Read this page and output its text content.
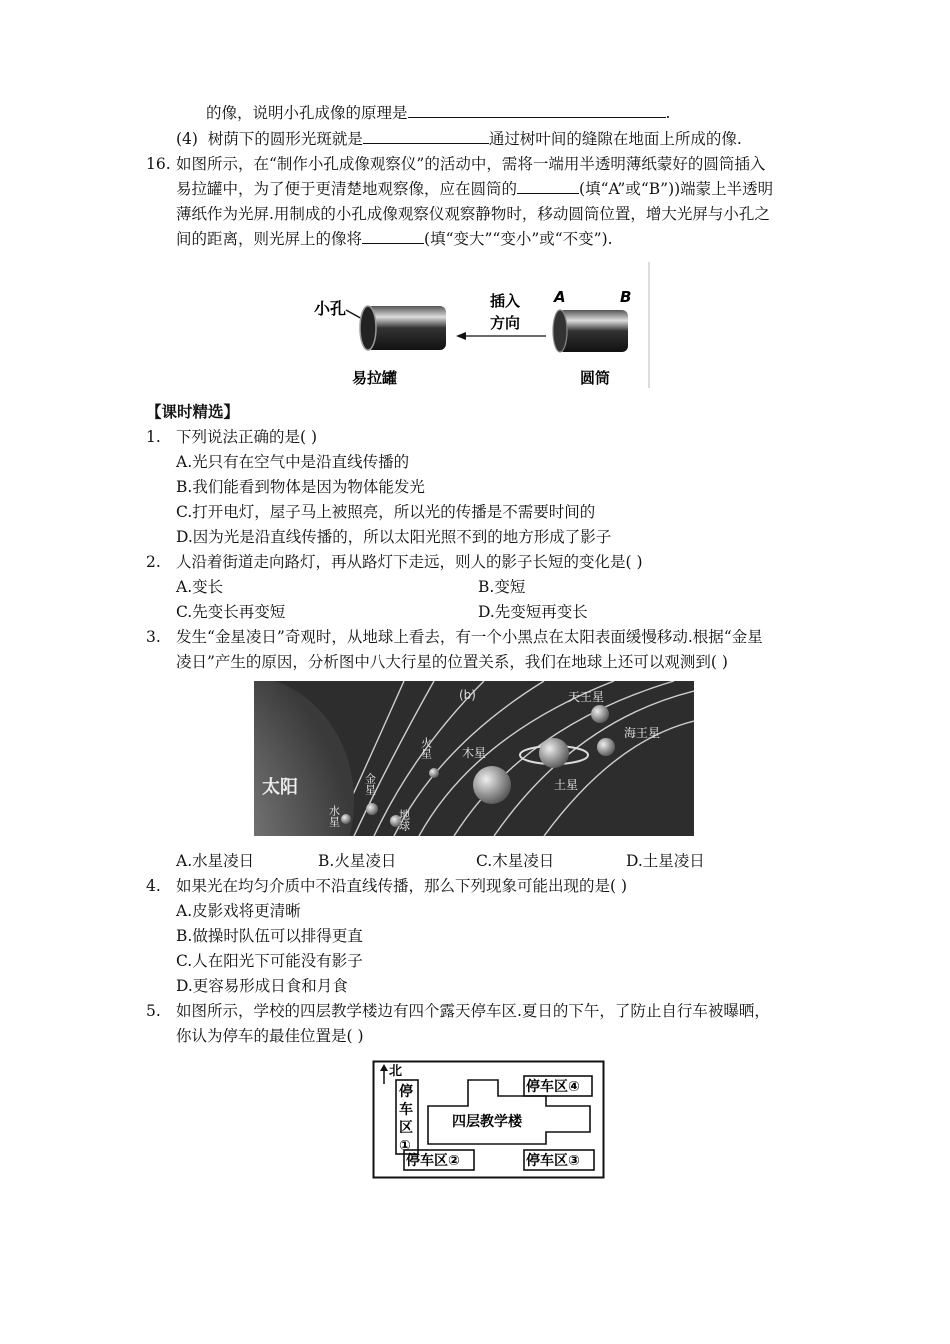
的像，说明小孔成像的原理是	.
(4) 树荫下的圆形光斑就是	通过树叶间的缝隙在地面上所成的像.
16. 如图所示，在“制作小孔成像观察仪”的活动中，需将一端用半透明薄纸蒙好的圆筒插入
易拉罐中，为了便于更清楚地观察像，应在圆筒的	(填“A”或“B”))端蒙上半透明
薄纸作为光屏.用制成的小孔成像观察仪观察静物时，移动圆筒位置，增大光屏与小孔之
间的距离，则光屏上的像将	(填“变大”“变小”或“不变”).
小孔
易拉罐
插入
方向
A	B
圆筒
【课时精选】
1. 下列说法正确的是( )
A.光只有在空气中是沿直线传播的
B.我们能看到物体是因为物体能发光
C.打开电灯，屋子马上被照亮，所以光的传播是不需要时间的
D.因为光是沿直线传播的，所以太阳光照不到的地方形成了影子
2. 人沿着街道走向路灯，再从路灯下走远，则人的影子长短的变化是( )
A.变长	B.变短
C.先变长再变短	D.先变短再变长
3. 发生“金星凌日”奇观时，从地球上看去，有一个小黑点在太阳表面缓慢移动.根据“金星
凌日”产生的原因，分析图中八大行星的位置关系，我们在地球上还可以观测到( )
太阳
(b)
水星
金星
地球
火星 木星
土星
天王星
海王星
A.水星凌日	B.火星凌日	C.木星凌日	D.土星凌日
4. 如果光在均匀介质中不沿直线传播，那么下列现象可能出现的是( )
A.皮影戏将更清晰
B.做操时队伍可以排得更直
C.人在阳光下可能没有影子
D.更容易形成日食和月食
5. 如图所示，学校的四层教学楼边有四个露天停车区.夏日的下午，了防止自行车被曝晒，
你认为停车的最佳位置是( )
北
停
车
区
①
四层教学楼
停车区④
停车区②	停车区③
